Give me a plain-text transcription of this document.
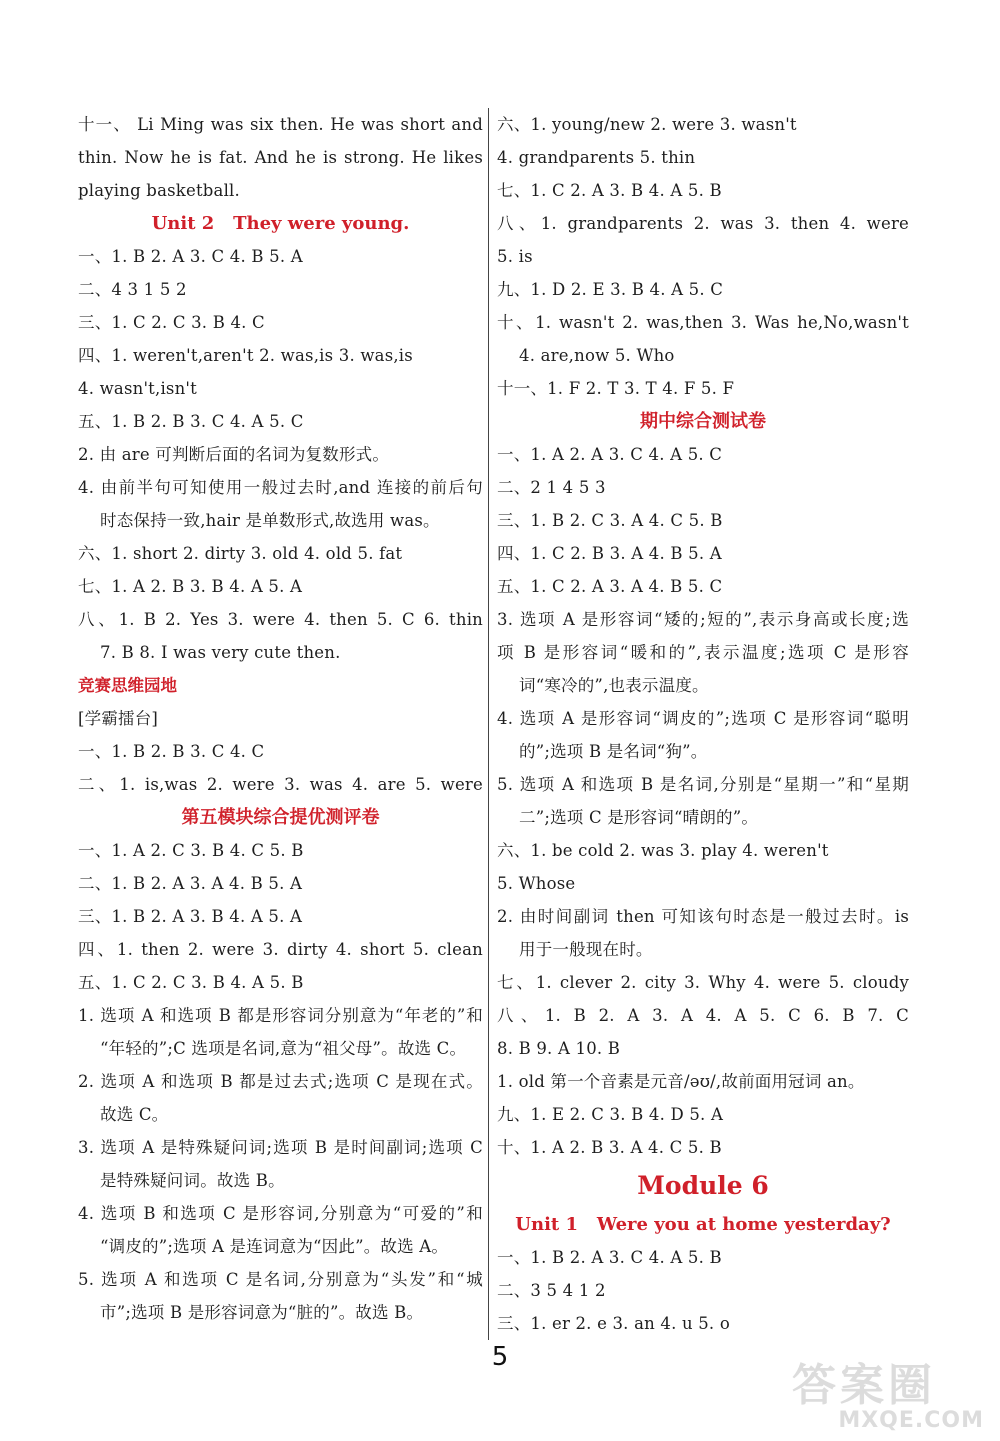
十一、 Li Ming was six then. He was short and
thin. Now he is fat. And he is strong. He likes
playing basketball.
Unit 2   They were young.
一、1. B 2. A 3. C 4. B 5. A
二、4 3 1 5 2
三、1. C 2. C 3. B 4. C
四、1. weren't,aren't 2. was,is 3. was,is
4. wasn't,isn't
五、1. B 2. B 3. C 4. A 5. C
2. 由 are 可判断后面的名词为复数形式。
4. 由前半句可知使用一般过去时,and 连接的前后句
时态保持一致,hair 是单数形式,故选用 was。
六、1. short 2. dirty 3. old 4. old 5. fat
七、1. A 2. B 3. B 4. A 5. A
八、1. B 2. Yes 3. were 4. then 5. C 6. thin
7. B 8. I was very cute then.
竞赛思维园地
[学霸擂台]
一、1. B 2. B 3. C 4. C
二、1. is,was 2. were 3. was 4. are 5. were
第五模块综合提优测评卷
一、1. A 2. C 3. B 4. C 5. B
二、1. B 2. A 3. A 4. B 5. A
三、1. B 2. A 3. B 4. A 5. A
四、1. then 2. were 3. dirty 4. short 5. clean
五、1. C 2. C 3. B 4. A 5. B
1. 选项 A 和选项 B 都是形容词分别意为“年老的”和
“年轻的”;C 选项是名词,意为“祖父母”。故选 C。
2. 选项 A 和选项 B 都是过去式;选项 C 是现在式。
故选 C。
3. 选项 A 是特殊疑问词;选项 B 是时间副词;选项 C
是特殊疑问词。故选 B。
4. 选项 B 和选项 C 是形容词,分别意为“可爱的”和
“调皮的”;选项 A 是连词意为“因此”。故选 A。
5. 选项 A 和选项 C 是名词,分别意为“头发”和“城
市”;选项 B 是形容词意为“脏的”。故选 B。
六、1. young/new 2. were 3. wasn't
4. grandparents 5. thin
七、1. C 2. A 3. B 4. A 5. B
八、1. grandparents 2. was 3. then 4. were
5. is
九、1. D 2. E 3. B 4. A 5. C
十、1. wasn't 2. was,then 3. Was he,No,wasn't
4. are,now 5. Who
十一、1. F 2. T 3. T 4. F 5. F
期中综合测试卷
一、1. A 2. A 3. C 4. A 5. C
二、2 1 4 5 3
三、1. B 2. C 3. A 4. C 5. B
四、1. C 2. B 3. A 4. B 5. A
五、1. C 2. A 3. A 4. B 5. C
3. 选项 A 是形容词“矮的;短的”,表示身高或长度;选
项 B 是形容词“暖和的”,表示温度;选项 C 是形容
词“寒冷的”,也表示温度。
4. 选项 A 是形容词“调皮的”;选项 C 是形容词“聪明
的”;选项 B 是名词“狗”。
5. 选项 A 和选项 B 是名词,分别是“星期一”和“星期
二”;选项 C 是形容词“晴朗的”。
六、1. be cold 2. was 3. play 4. weren't
5. Whose
2. 由时间副词 then 可知该句时态是一般过去时。is
用于一般现在时。
七、1. clever 2. city 3. Why 4. were 5. cloudy
八、1. B 2. A 3. A 4. A 5. C 6. B 7. C
8. B 9. A 10. B
1. old 第一个音素是元音/əʊ/,故前面用冠词 an。
九、1. E 2. C 3. B 4. D 5. A
十、1. A 2. B 3. A 4. C 5. B
Module 6
Unit 1   Were you at home yesterday?
一、1. B 2. A 3. C 4. A 5. B
二、3 5 4 1 2
三、1. er 2. e 3. an 4. u 5. o
5
答案圈
MXQE.COM
